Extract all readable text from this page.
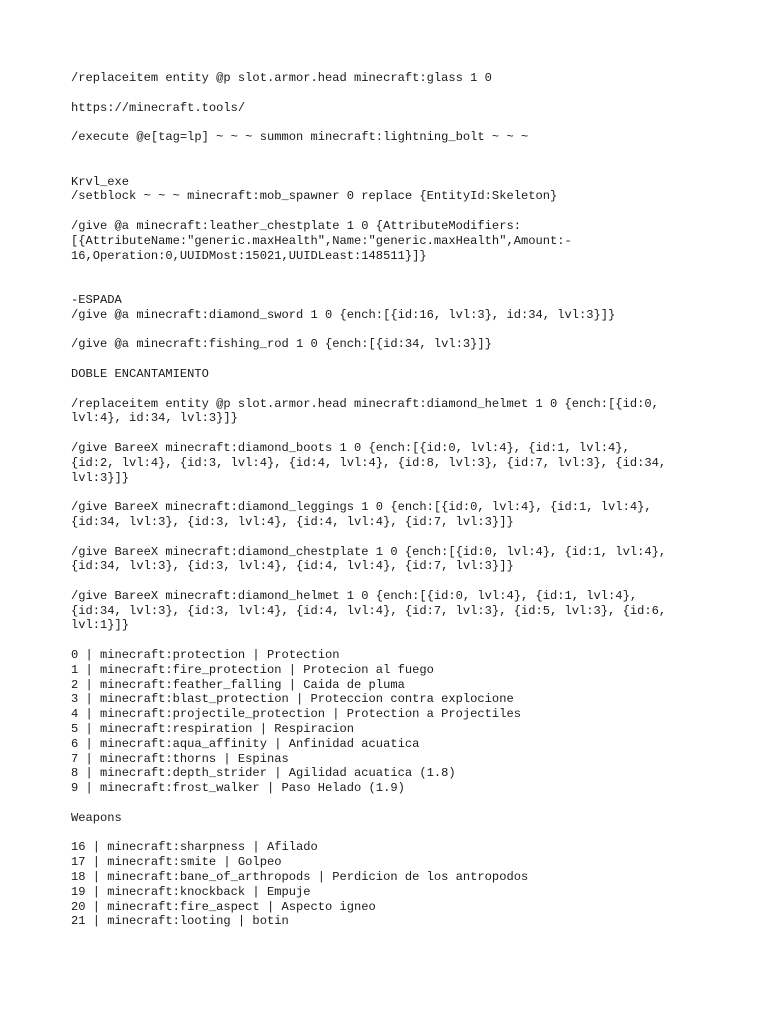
/replaceitem entity @p slot.armor.head minecraft:glass 1 0
https://minecraft.tools/
/execute @e[tag=lp] ~ ~ ~ summon minecraft:lightning_bolt ~ ~ ~
Krvl_exe
/setblock ~ ~ ~ minecraft:mob_spawner 0 replace {EntityId:Skeleton}
/give @a minecraft:leather_chestplate 1 0 {AttributeModifiers:
[{AttributeName:"generic.maxHealth",Name:"generic.maxHealth",Amount:-
16,Operation:0,UUIDMost:15021,UUIDLeast:148511}]}
-ESPADA
/give @a minecraft:diamond_sword 1 0 {ench:[{id:16, lvl:3}, id:34, lvl:3}]}
/give @a minecraft:fishing_rod 1 0 {ench:[{id:34, lvl:3}]}
DOBLE ENCANTAMIENTO
/replaceitem entity @p slot.armor.head minecraft:diamond_helmet 1 0 {ench:[{id:0,
lvl:4}, id:34, lvl:3}]}
/give BareeX minecraft:diamond_boots 1 0 {ench:[{id:0, lvl:4}, {id:1, lvl:4},
{id:2, lvl:4}, {id:3, lvl:4}, {id:4, lvl:4}, {id:8, lvl:3}, {id:7, lvl:3}, {id:34,
lvl:3}]}
/give BareeX minecraft:diamond_leggings 1 0 {ench:[{id:0, lvl:4}, {id:1, lvl:4},
{id:34, lvl:3}, {id:3, lvl:4}, {id:4, lvl:4}, {id:7, lvl:3}]}
/give BareeX minecraft:diamond_chestplate 1 0 {ench:[{id:0, lvl:4}, {id:1, lvl:4},
{id:34, lvl:3}, {id:3, lvl:4}, {id:4, lvl:4}, {id:7, lvl:3}]}
/give BareeX minecraft:diamond_helmet 1 0 {ench:[{id:0, lvl:4}, {id:1, lvl:4},
{id:34, lvl:3}, {id:3, lvl:4}, {id:4, lvl:4}, {id:7, lvl:3}, {id:5, lvl:3}, {id:6,
lvl:1}]}
0 | minecraft:protection | Protection
1 | minecraft:fire_protection | Protecion al fuego
2 | minecraft:feather_falling | Caida de pluma
3 | minecraft:blast_protection | Proteccion contra explocione
4 | minecraft:projectile_protection | Protection a Projectiles
5 | minecraft:respiration | Respiracion
6 | minecraft:aqua_affinity | Anfinidad acuatica
7 | minecraft:thorns | Espinas
8 | minecraft:depth_strider | Agilidad acuatica (1.8)
9 | minecraft:frost_walker | Paso Helado (1.9)
Weapons
16 | minecraft:sharpness | Afilado
17 | minecraft:smite | Golpeo
18 | minecraft:bane_of_arthropods | Perdicion de los antropodos
19 | minecraft:knockback | Empuje
20 | minecraft:fire_aspect | Aspecto igneo
21 | minecraft:looting | botin
